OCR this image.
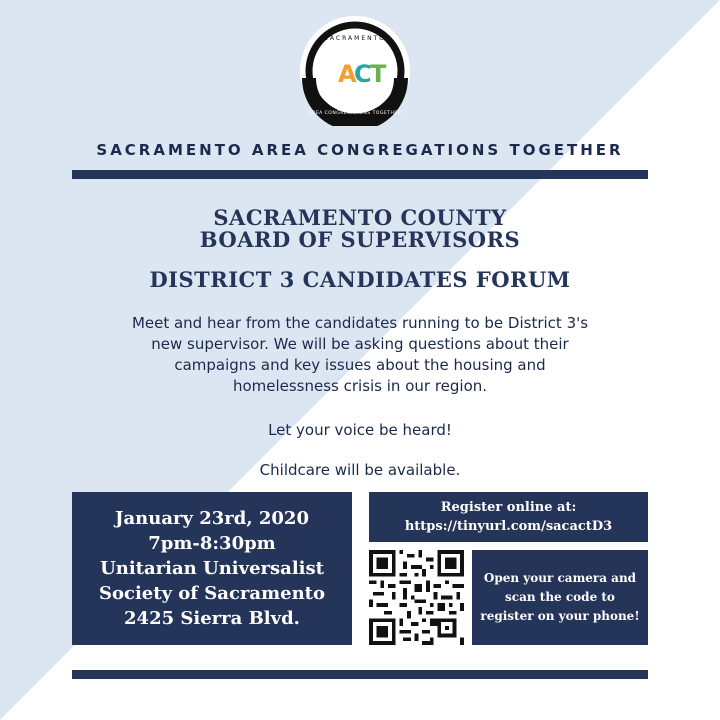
SACRAMENTO
AREA CONGREGATIONS TOGETHER
A
C
T
SACRAMENTO AREA CONGREGATIONS TOGETHER
SACRAMENTO COUNTY
BOARD OF SUPERVISORS
DISTRICT 3 CANDIDATES FORUM

Meet and hear from the candidates running to be District 3's

new supervisor. We will be asking questions about their

campaigns and key issues about the housing and

homelessness crisis in our region.

Let your voice be heard!
Childcare will be available.
January 23rd, 2020
7pm-8:30pm
Unitarian Universalist
Society of Sacramento
2425 Sierra Blvd.
Register online at:
https://tinyurl.com/sacactD3
Open your camera and
scan the code to
register on your phone!
